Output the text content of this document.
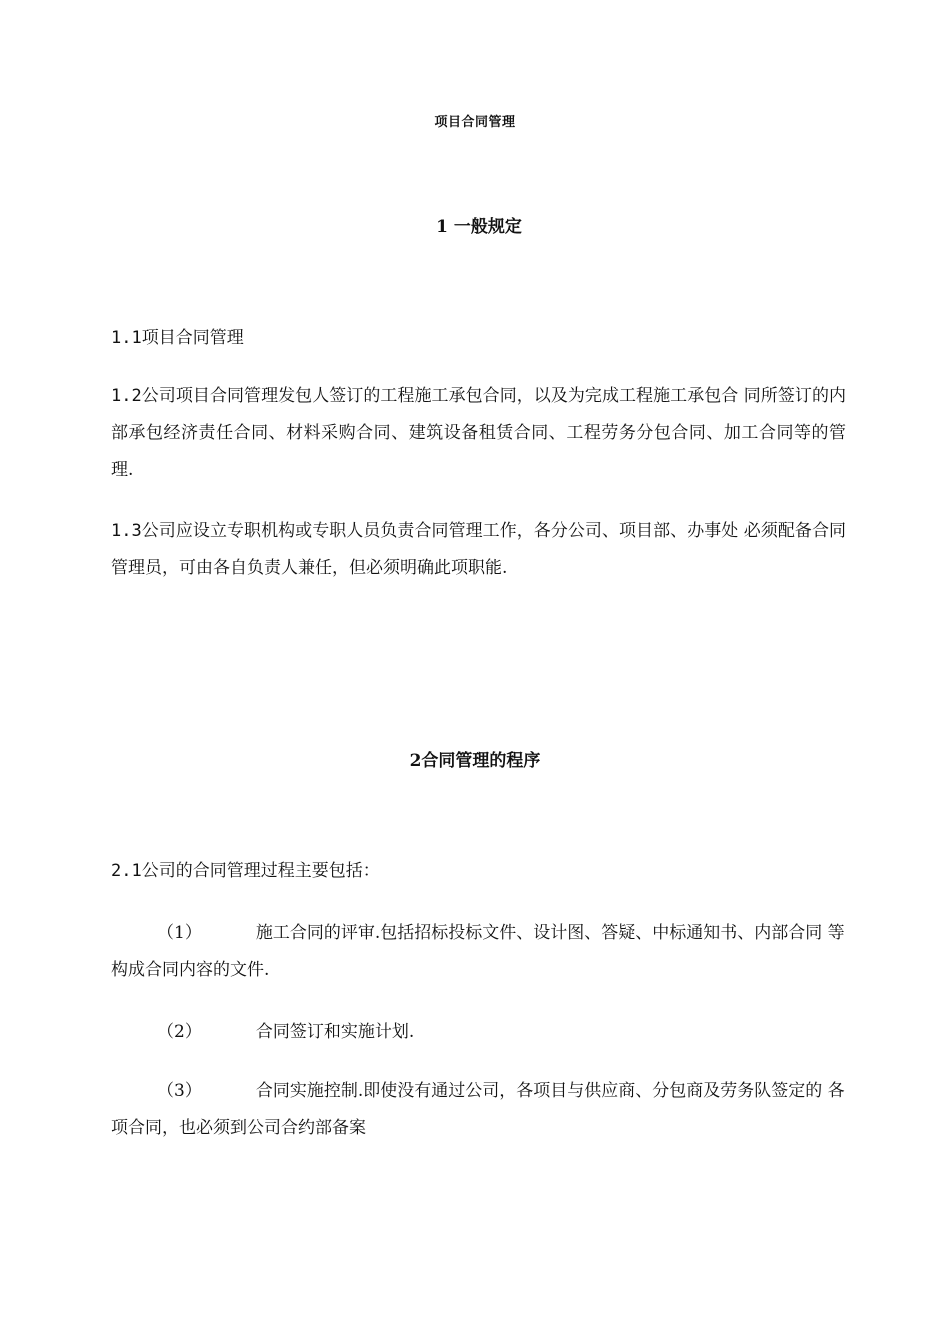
项目合同管理
1 一般规定

1.1项目合同管理

1.2公司项目合同管理发包人签订的工程施工承包合同，以及为完成工程施工承包合 同所签订的内部承包经济责任合同、材料采购合同、建筑设备租赁合同、工程劳务分包合同、加工合同等的管理.

1.3公司应设立专职机构或专职人员负责合同管理工作，各分公司、项目部、办事处 必须配备合同管理员，可由各自负责人兼任，但必须明确此项职能.

2合同管理的程序

2.1公司的合同管理过程主要包括：

（1）	施工合同的评审.包括招标投标文件、设计图、答疑、中标通知书、内部合同 等构成合同内容的文件.

（2）	合同签订和实施计划.

（3）	合同实施控制.即使没有通过公司，各项目与供应商、分包商及劳务队签定的 各项合同，也必须到公司合约部备案
